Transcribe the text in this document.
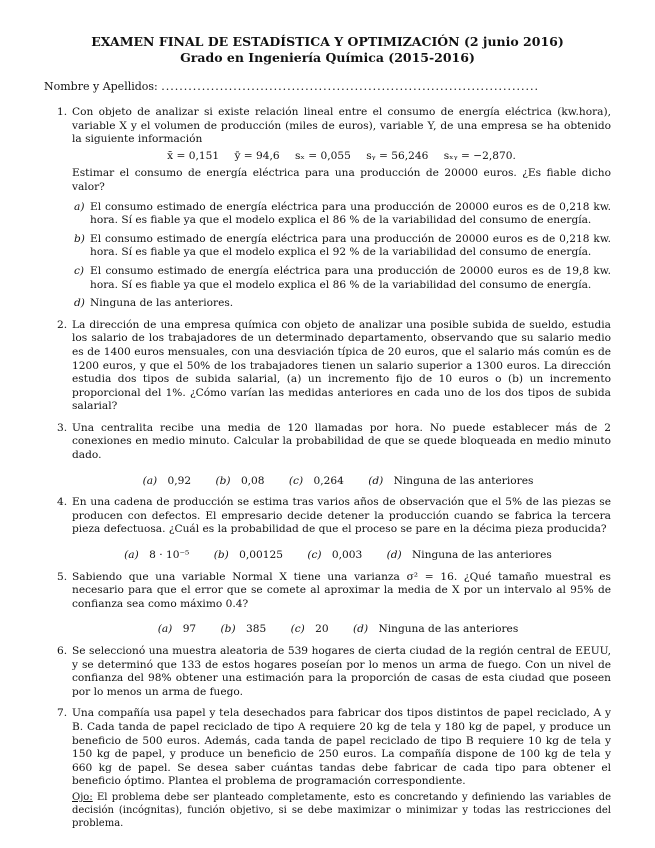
EXAMEN FINAL DE ESTADÍSTICA Y OPTIMIZACIÓN (2 junio 2016)
Grado en Ingeniería Química (2015-2016)
Nombre y Apellidos: ....................................................................................
1. Con objeto de analizar si existe relación lineal entre el consumo de energía eléctrica (kw.hora), variable X y el volumen de producción (miles de euros), variable Y, de una empresa se ha obtenido la siguiente información
x̄ = 0,151 ȳ = 94,6 sₓ = 0,055 sᵧ = 56,246 sₓᵧ = −2,870.
Estimar el consumo de energía eléctrica para una producción de 20000 euros. ¿Es fiable dicho valor?
a) El consumo estimado de energía eléctrica para una producción de 20000 euros es de 0,218 kw. hora. Sí es fiable ya que el modelo explica el 86 % de la variabilidad del consumo de energía.
b) El consumo estimado de energía eléctrica para una producción de 20000 euros es de 0,218 kw. hora. Sí es fiable ya que el modelo explica el 92 % de la variabilidad del consumo de energía.
c) El consumo estimado de energía eléctrica para una producción de 20000 euros es de 19,8 kw. hora. Sí es fiable ya que el modelo explica el 86 % de la variabilidad del consumo de energía.
d) Ninguna de las anteriores.
2. La dirección de una empresa química con objeto de analizar una posible subida de sueldo, estudia los salario de los trabajadores de un determinado departamento, observando que su salario medio es de 1400 euros mensuales, con una desviación típica de 20 euros, que el salario más común es de 1200 euros, y que el 50% de los trabajadores tienen un salario superior a 1300 euros. La dirección estudia dos tipos de subida salarial, (a) un incremento fijo de 10 euros o (b) un incremento proporcional del 1%. ¿Cómo varían las medidas anteriores en cada uno de los dos tipos de subida salarial?
3. Una centralita recibe una media de 120 llamadas por hora. No puede establecer más de 2 conexiones en medio minuto. Calcular la probabilidad de que se quede bloqueada en medio minuto dado.
(a) 0,92 (b) 0,08 (c) 0,264 (d) Ninguna de las anteriores
4. En una cadena de producción se estima tras varios años de observación que el 5% de las piezas se producen con defectos. El empresario decide detener la producción cuando se fabrica la tercera pieza defectuosa. ¿Cuál es la probabilidad de que el proceso se pare en la décima pieza producida?
(a) 8 · 10⁻⁵ (b) 0,00125 (c) 0,003 (d) Ninguna de las anteriores
5. Sabiendo que una variable Normal X tiene una varianza σ² = 16. ¿Qué tamaño muestral es necesario para que el error que se comete al aproximar la media de X por un intervalo al 95% de confianza sea como máximo 0.4?
(a) 97 (b) 385 (c) 20 (d) Ninguna de las anteriores
6. Se seleccionó una muestra aleatoria de 539 hogares de cierta ciudad de la región central de EEUU, y se determinó que 133 de estos hogares poseían por lo menos un arma de fuego. Con un nivel de confianza del 98% obtener una estimación para la proporción de casas de esta ciudad que poseen por lo menos un arma de fuego.
7. Una compañía usa papel y tela desechados para fabricar dos tipos distintos de papel reciclado, A y B. Cada tanda de papel reciclado de tipo A requiere 20 kg de tela y 180 kg de papel, y produce un beneficio de 500 euros. Además, cada tanda de papel reciclado de tipo B requiere 10 kg de tela y 150 kg de papel, y produce un beneficio de 250 euros. La compañía dispone de 100 kg de tela y 660 kg de papel. Se desea saber cuántas tandas debe fabricar de cada tipo para obtener el beneficio óptimo. Plantea el problema de programación correspondiente.
Ojo: El problema debe ser planteado completamente, esto es concretando y definiendo las variables de decisión (incógnitas), función objetivo, si se debe maximizar o minimizar y todas las restricciones del problema.
